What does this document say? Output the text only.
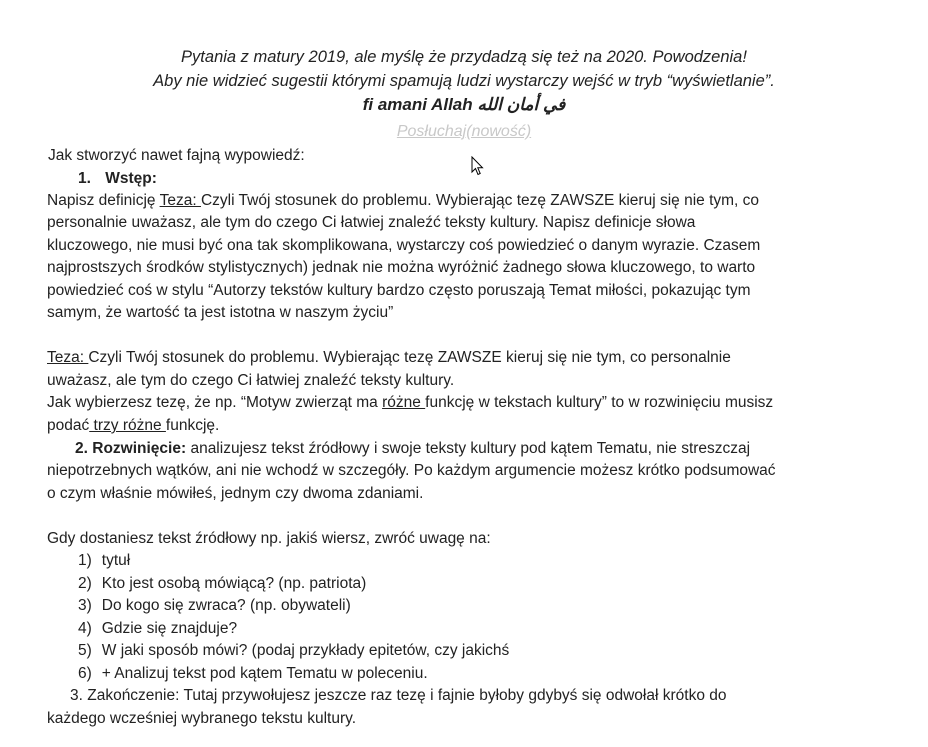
Pytania z matury 2019, ale myślę że przydadzą się też na 2020. Powodzenia!
Aby nie widzieć sugestii którymi spamują ludzi wystarczy wejść w tryb “wyświetlanie”.
fi amani Allah في أمان الله
Posłuchaj(nowość)
Jak stworzyć nawet fajną wypowiedź:
1. Wstęp:
Napisz definicję Teza: Czyli Twój stosunek do problemu. Wybierając tezę ZAWSZE kieruj się nie tym, co
personalnie uważasz, ale tym do czego Ci łatwiej znaleźć teksty kultury. Napisz definicje słowa
kluczowego, nie musi być ona tak skomplikowana, wystarczy coś powiedzieć o danym wyrazie. Czasem
najprostszych środków stylistycznych) jednak nie można wyróżnić żadnego słowa kluczowego, to warto
powiedzieć coś w stylu “Autorzy tekstów kultury bardzo często poruszają Temat miłości, pokazując tym
samym, że wartość ta jest istotna w naszym życiu”
Teza: Czyli Twój stosunek do problemu. Wybierając tezę ZAWSZE kieruj się nie tym, co personalnie
uważasz, ale tym do czego Ci łatwiej znaleźć teksty kultury.
Jak wybierzesz tezę, że np. “Motyw zwierząt ma różne funkcję w tekstach kultury” to w rozwinięciu musisz
podać trzy różne funkcję.
2. Rozwinięcie: analizujesz tekst źródłowy i swoje teksty kultury pod kątem Tematu, nie streszczaj
niepotrzebnych wątków, ani nie wchodź w szczegóły. Po każdym argumencie możesz krótko podsumować
o czym właśnie mówiłeś, jednym czy dwoma zdaniami.
Gdy dostaniesz tekst źródłowy np. jakiś wiersz, zwróć uwagę na:
1) tytuł
2) Kto jest osobą mówiącą? (np. patriota)
3) Do kogo się zwraca? (np. obywateli)
4) Gdzie się znajduje?
5) W jaki sposób mówi? (podaj przykłady epitetów, czy jakichś
6) + Analizuj tekst pod kątem Tematu w poleceniu.
3. Zakończenie: Tutaj przywołujesz jeszcze raz tezę i fajnie byłoby gdybyś się odwołał krótko do
każdego wcześniej wybranego tekstu kultury.
